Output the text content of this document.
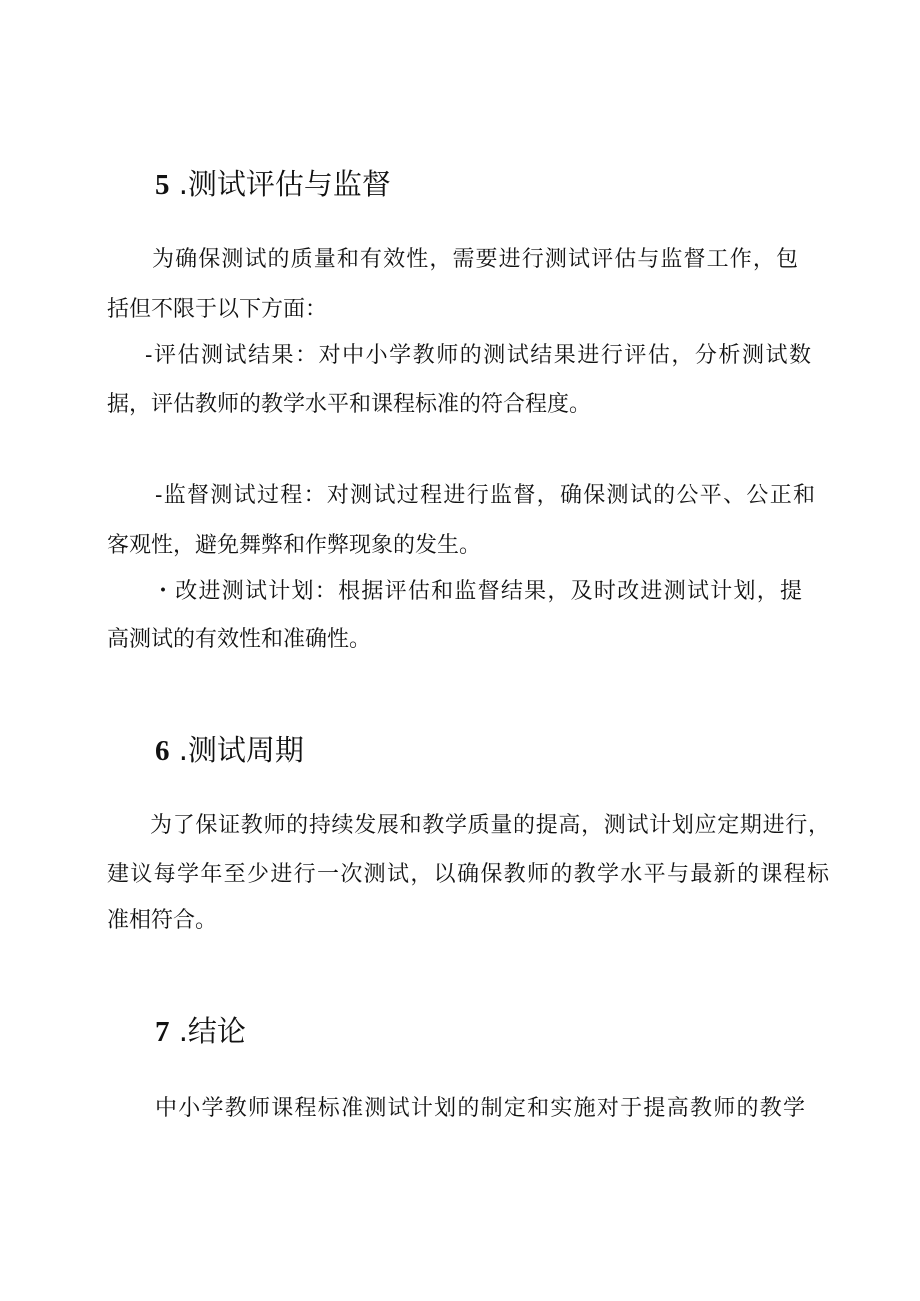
5 .测试评估与监督

为确保测试的质量和有效性，需要进行测试评估与监督工作，包

括但不限于以下方面：

-评估测试结果：对中小学教师的测试结果进行评估，分析测试数

据，评估教师的教学水平和课程标准的符合程度。

-监督测试过程：对测试过程进行监督，确保测试的公平、公正和

客观性，避免舞弊和作弊现象的发生。

・改进测试计划：根据评估和监督结果，及时改进测试计划，提

高测试的有效性和准确性。

6 .测试周期

为了保证教师的持续发展和教学质量的提高，测试计划应定期进行，

建议每学年至少进行一次测试，以确保教师的教学水平与最新的课程标

准相符合。

7 .结论

中小学教师课程标准测试计划的制定和实施对于提高教师的教学
